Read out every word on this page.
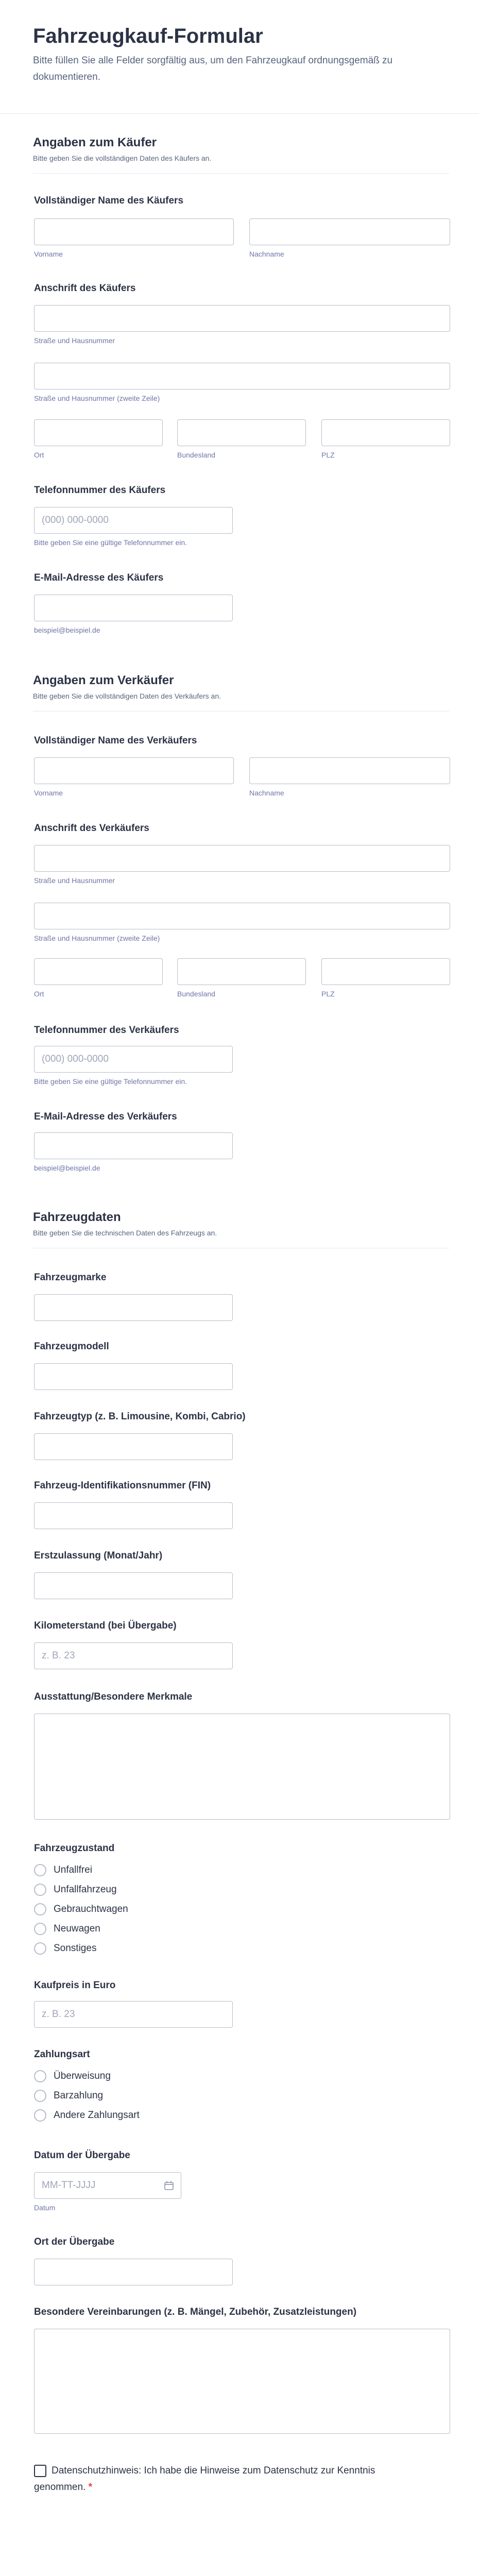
Fahrzeugkauf-Formular
Bitte füllen Sie alle Felder sorgfältig aus, um den Fahrzeugkauf ordnungsgemäß zu dokumentieren.
Angaben zum Käufer
Bitte geben Sie die vollständigen Daten des Käufers an.
Vollständiger Name des Käufers
Vorname	Nachname
Anschrift des Käufers
Straße und Hausnummer
Straße und Hausnummer (zweite Zeile)
Ort	Bundesland	PLZ
Telefonnummer des Käufers
(000) 000-0000
Bitte geben Sie eine gültige Telefonnummer ein.
E-Mail-Adresse des Käufers
beispiel@beispiel.de
Angaben zum Verkäufer
Bitte geben Sie die vollständigen Daten des Verkäufers an.
Vollständiger Name des Verkäufers
Vorname	Nachname
Anschrift des Verkäufers
Straße und Hausnummer
Straße und Hausnummer (zweite Zeile)
Ort	Bundesland	PLZ
Telefonnummer des Verkäufers
(000) 000-0000
Bitte geben Sie eine gültige Telefonnummer ein.
E-Mail-Adresse des Verkäufers
beispiel@beispiel.de
Fahrzeugdaten
Bitte geben Sie die technischen Daten des Fahrzeugs an.
Fahrzeugmarke
Fahrzeugmodell
Fahrzeugtyp (z. B. Limousine, Kombi, Cabrio)
Fahrzeug-Identifikationsnummer (FIN)
Erstzulassung (Monat/Jahr)
Kilometerstand (bei Übergabe)
z. B. 23
Ausstattung/Besondere Merkmale
Fahrzeugzustand
Unfallfrei
Unfallfahrzeug
Gebrauchtwagen
Neuwagen
Sonstiges
Kaufpreis in Euro
z. B. 23
Zahlungsart
Überweisung
Barzahlung
Andere Zahlungsart
Datum der Übergabe
MM-TT-JJJJ
Datum
Ort der Übergabe
Besondere Vereinbarungen (z. B. Mängel, Zubehör, Zusatzleistungen)
Datenschutzhinweis: Ich habe die Hinweise zum Datenschutz zur Kenntnis genommen. *
